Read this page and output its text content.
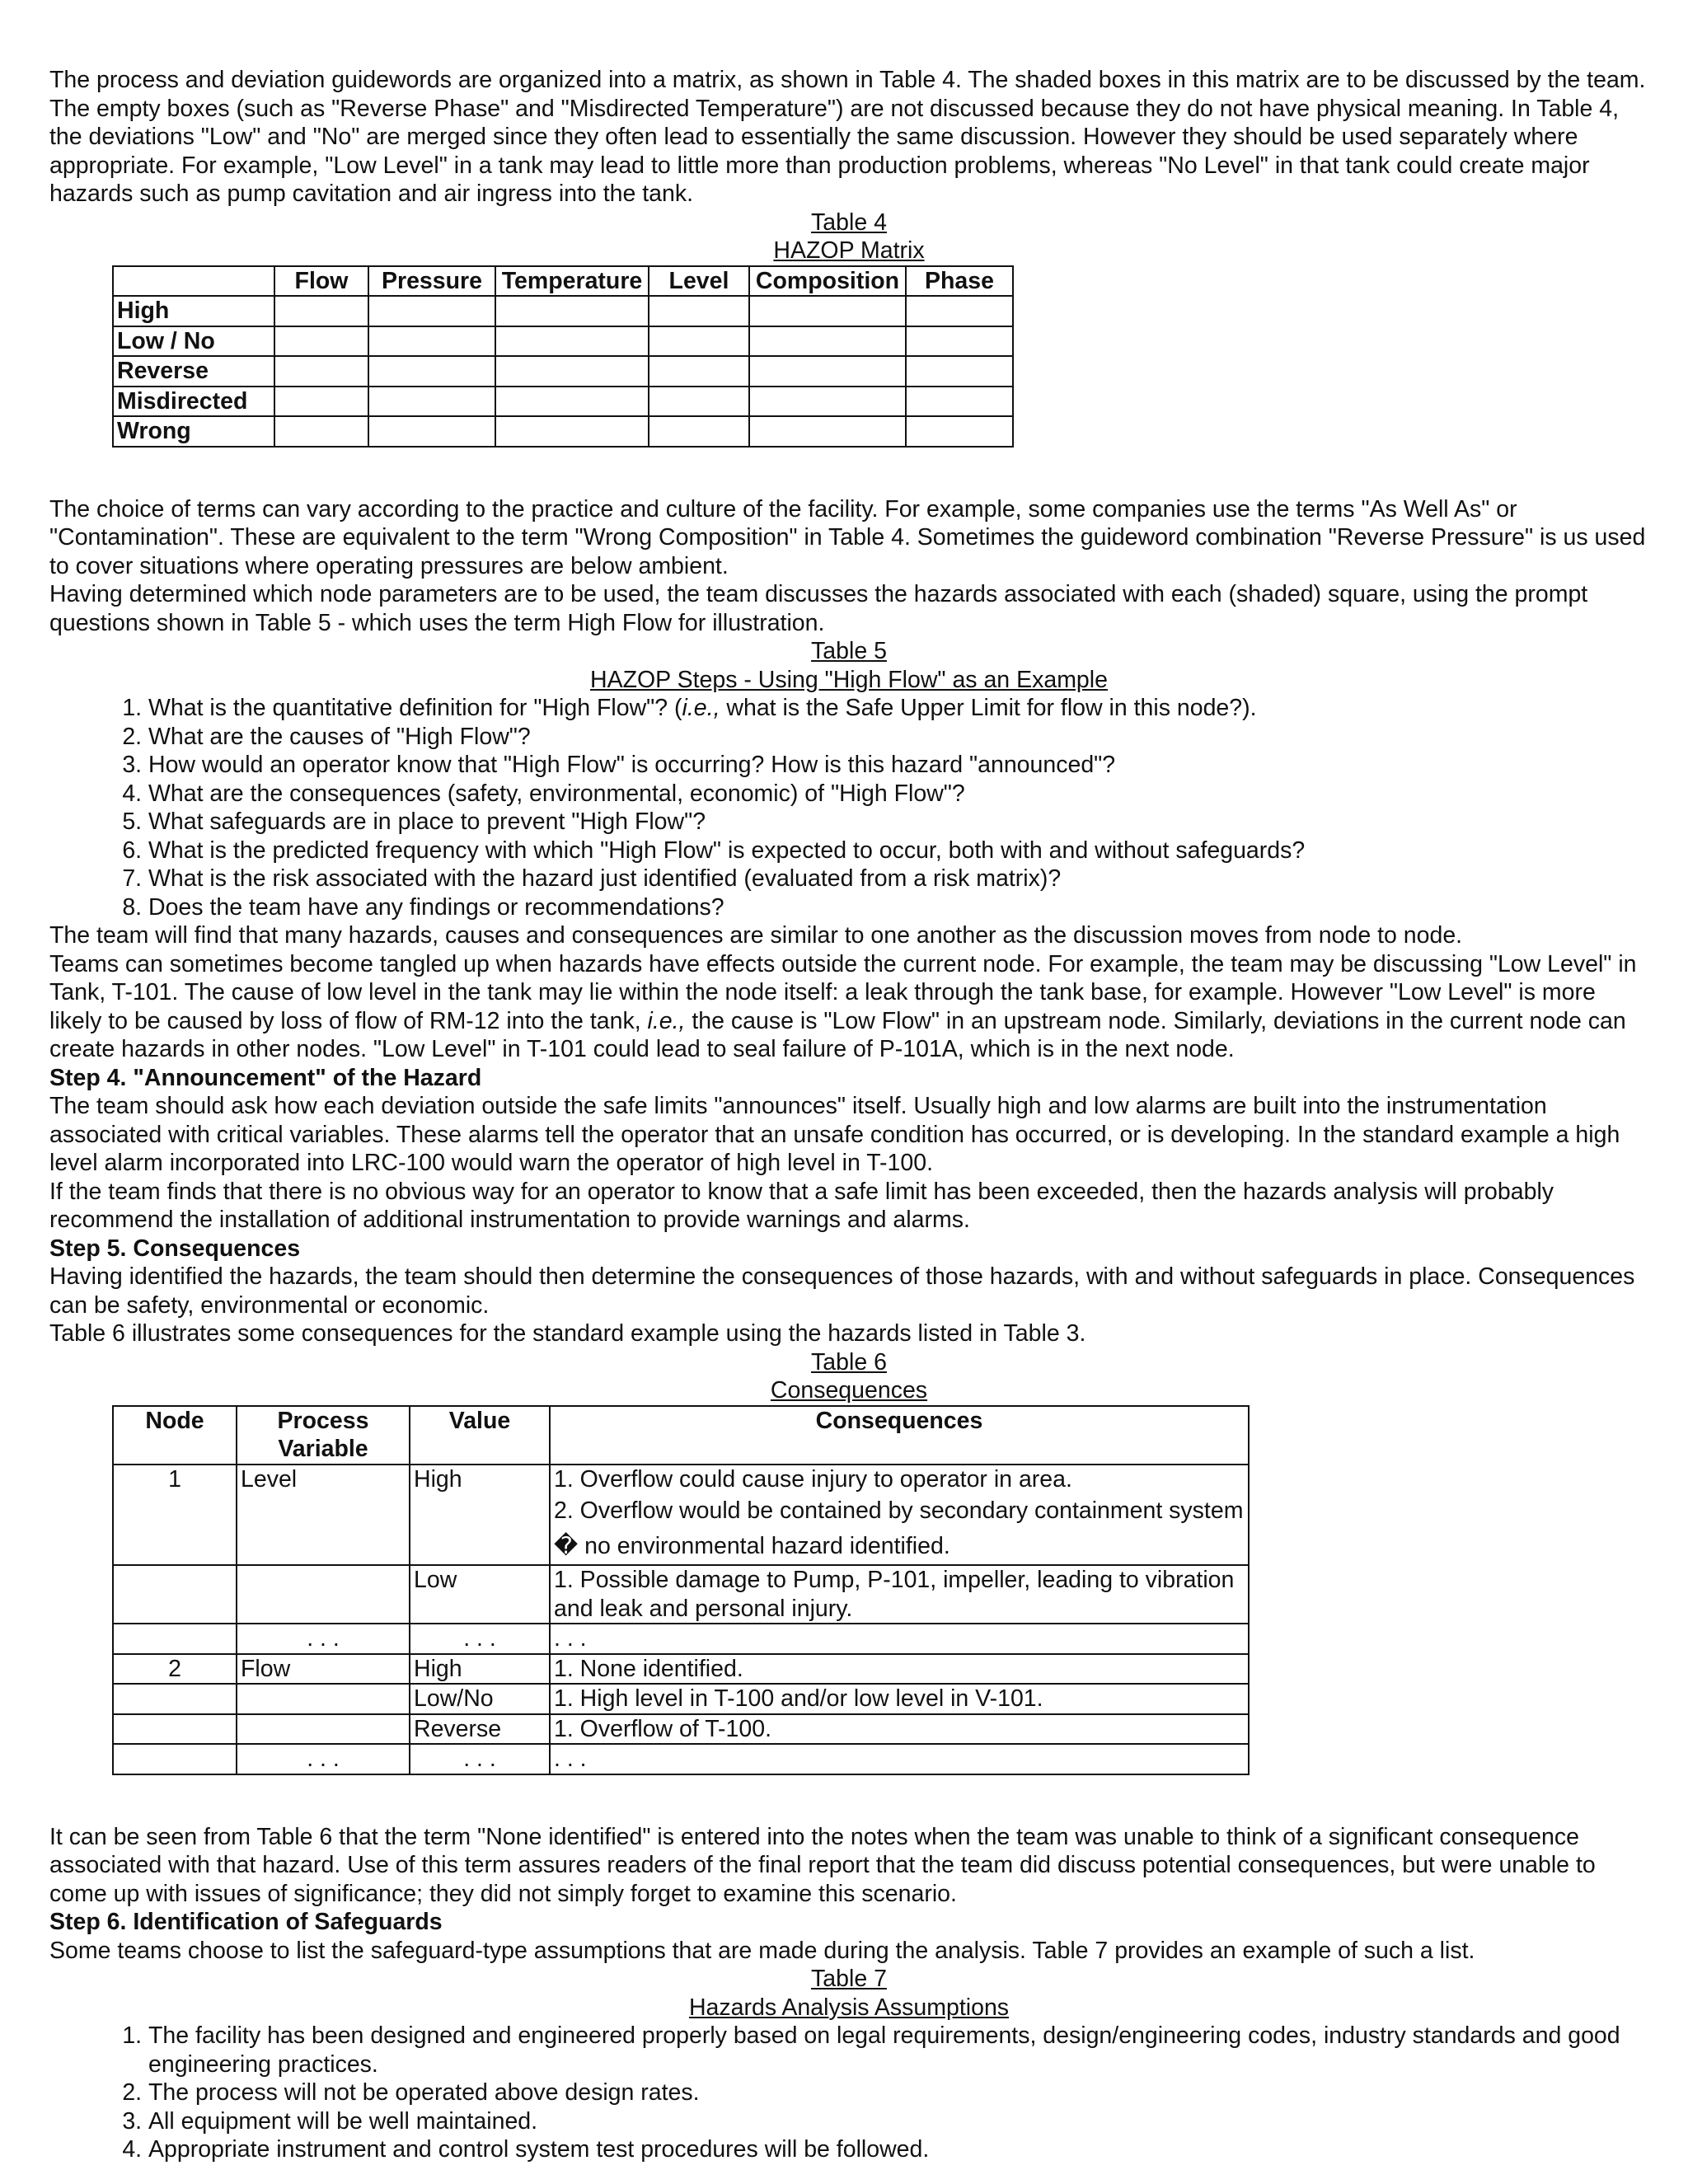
The process and deviation guidewords are organized into a matrix, as shown in Table 4. The shaded boxes in this matrix are to be discussed by the team. The empty boxes (such as "Reverse Phase" and "Misdirected Temperature") are not discussed because they do not have physical meaning. In Table 4, the deviations "Low" and "No" are merged since they often lead to essentially the same discussion. However they should be used separately where appropriate. For example, "Low Level" in a tank may lead to little more than production problems, whereas "No Level" in that tank could create major hazards such as pump cavitation and air ingress into the tank.

Table 4

HAZOP Matrix

	Flow	Pressure	Temperature	Level	Composition	Phase
High						
Low / No						
Reverse						
Misdirected						
Wrong						

The choice of terms can vary according to the practice and culture of the facility. For example, some companies use the terms "As Well As" or "Contamination". These are equivalent to the term "Wrong Composition" in Table 4. Sometimes the guideword combination "Reverse Pressure" is us used to cover situations where operating pressures are below ambient.

Having determined which node parameters are to be used, the team discusses the hazards associated with each (shaded) square, using the prompt questions shown in Table 5 - which uses the term High Flow for illustration.

Table 5

HAZOP Steps - Using "High Flow" as an Example

1. What is the quantitative definition for "High Flow"? (i.e., what is the Safe Upper Limit for flow in this node?).
2. What are the causes of "High Flow"?
3. How would an operator know that "High Flow" is occurring? How is this hazard "announced"?
4. What are the consequences (safety, environmental, economic) of "High Flow"?
5. What safeguards are in place to prevent "High Flow"?
6. What is the predicted frequency with which "High Flow" is expected to occur, both with and without safeguards?
7. What is the risk associated with the hazard just identified (evaluated from a risk matrix)?
8. Does the team have any findings or recommendations?

The team will find that many hazards, causes and consequences are similar to one another as the discussion moves from node to node.

Teams can sometimes become tangled up when hazards have effects outside the current node. For example, the team may be discussing "Low Level" in Tank, T-101. The cause of low level in the tank may lie within the node itself: a leak through the tank base, for example. However "Low Level" is more likely to be caused by loss of flow of RM-12 into the tank, i.e., the cause is "Low Flow" in an upstream node. Similarly, deviations in the current node can create hazards in other nodes. "Low Level" in T-101 could lead to seal failure of P-101A, which is in the next node.

Step 4. "Announcement" of the Hazard

The team should ask how each deviation outside the safe limits "announces" itself. Usually high and low alarms are built into the instrumentation associated with critical variables. These alarms tell the operator that an unsafe condition has occurred, or is developing. In the standard example a high level alarm incorporated into LRC-100 would warn the operator of high level in T-100.

If the team finds that there is no obvious way for an operator to know that a safe limit has been exceeded, then the hazards analysis will probably recommend the installation of additional instrumentation to provide warnings and alarms.

Step 5. Consequences

Having identified the hazards, the team should then determine the consequences of those hazards, with and without safeguards in place. Consequences can be safety, environmental or economic.

Table 6 illustrates some consequences for the standard example using the hazards listed in Table 3.

Table 6

Consequences

Node	Process Variable	Value	Consequences
1	Level	High	1. Overflow could cause injury to operator in area.
2. Overflow would be contained by secondary containment system � no environmental hazard identified.

		Low	1. Possible damage to Pump, P-101, impeller, leading to vibration and leak and personal injury.
	. . .	. . .	. . .
2	Flow	High	1. None identified.
		Low/No	1. High level in T-100 and/or low level in V-101.
		Reverse	1. Overflow of T-100.
	. . .	. . .	. . .

It can be seen from Table 6 that the term "None identified" is entered into the notes when the team was unable to think of a significant consequence associated with that hazard. Use of this term assures readers of the final report that the team did discuss potential consequences, but were unable to come up with issues of significance; they did not simply forget to examine this scenario.

Step 6. Identification of Safeguards

Some teams choose to list the safeguard-type assumptions that are made during the analysis. Table 7 provides an example of such a list.

Table 7

Hazards Analysis Assumptions

1. The facility has been designed and engineered properly based on legal requirements, design/engineering codes, industry standards and good engineering practices.
2. The process will not be operated above design rates.
3. All equipment will be well maintained.
4. Appropriate instrument and control system test procedures will be followed.
